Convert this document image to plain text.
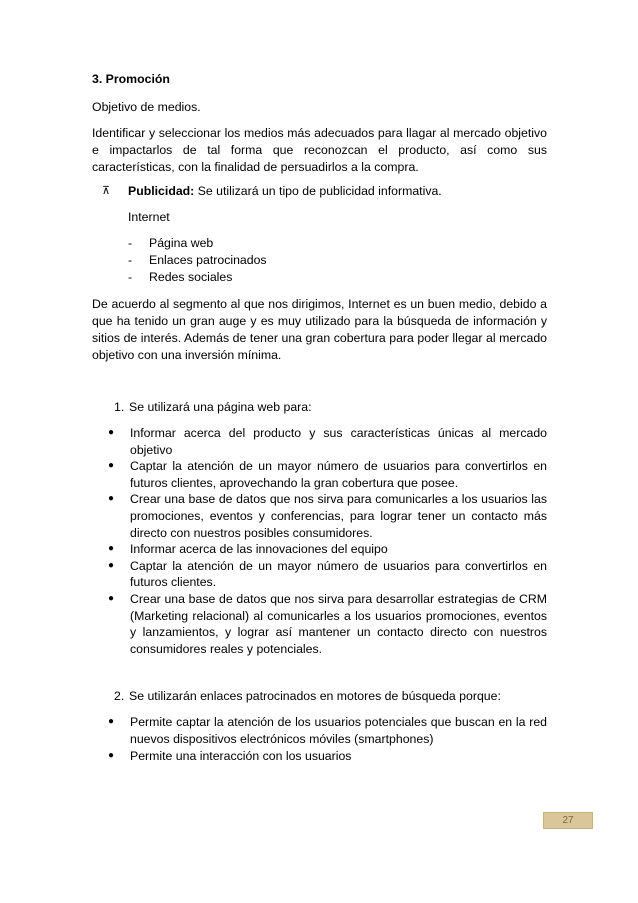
3. Promoción

Objetivo de medios.

Identificar y seleccionar los medios más adecuados para llagar al mercado objetivo e impactarlos de tal forma que reconozcan el producto, así como sus características, con la finalidad de persuadirlos a la compra.

⊼	Publicidad: Se utilizará un tipo de publicidad informativa.

Internet

-	Página web
-	Enlaces patrocinados
-	Redes sociales

De acuerdo al segmento al que nos dirigimos, Internet es un buen medio, debido a que ha tenido un gran auge y es muy utilizado para la búsqueda de información y sitios de interés. Además de tener una gran cobertura para poder llegar al mercado objetivo con una inversión mínima.

1. Se utilizará una página web para:
●	Informar acerca del producto y sus características únicas al mercado objetivo
●	Captar la atención de un mayor número de usuarios para convertirlos en futuros clientes, aprovechando la gran cobertura que posee.
●	Crear una base de datos que nos sirva para comunicarles a los usuarios las promociones, eventos y conferencias, para lograr tener un contacto más directo con nuestros posibles consumidores.
●	Informar acerca de las innovaciones del equipo
●	Captar la atención de un mayor número de usuarios para convertirlos en futuros clientes.
●	Crear una base de datos que nos sirva para desarrollar estrategias de CRM (Marketing relacional) al comunicarles a los usuarios promociones, eventos y lanzamientos, y lograr así mantener un contacto directo con nuestros consumidores reales y potenciales.
2. Se utilizarán enlaces patrocinados en motores de búsqueda porque:
●	Permite captar la atención de los usuarios potenciales que buscan en la red nuevos dispositivos electrónicos móviles (smartphones)
●	Permite una interacción con los usuarios
27
